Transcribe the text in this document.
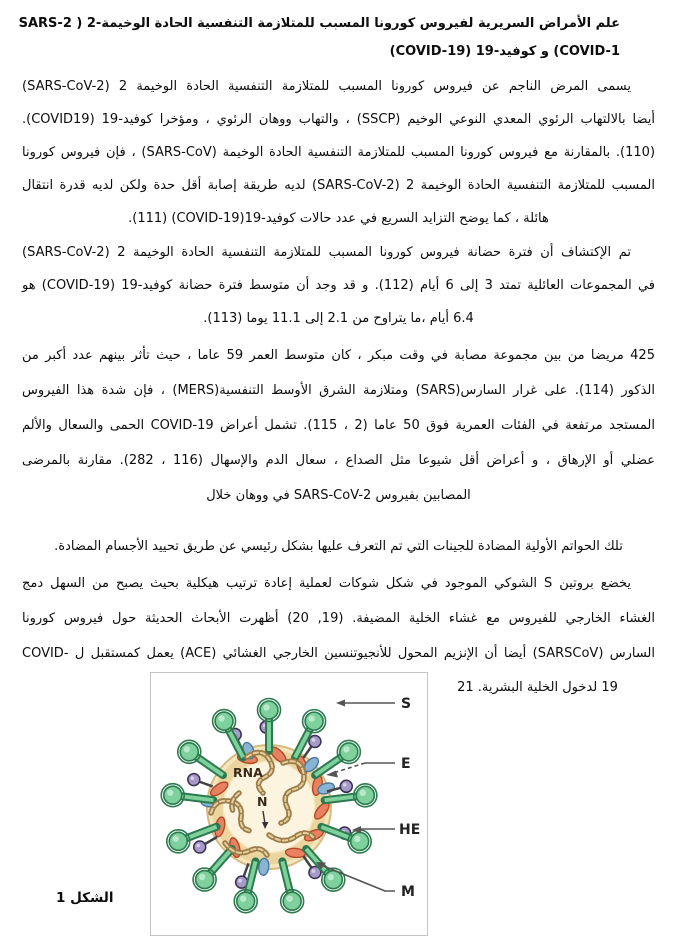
علم الأمراض السريرية لفيروس كورونا المسبب للمتلازمة التنفسية الحادة الوخيمة-2 ( SARS-2
COVID-1) و كوفيد-19 (COVID-19)
يسمى المرض الناجم عن فيروس كورونا المسبب للمتلازمة التنفسية الحادة الوخيمة 2 (SARS-CoV-2)
أيضا بالالتهاب الرئوي المعدي النوعي الوخيم (SSCP) ، والتهاب ووهان الرئوي ، ومؤخرا كوفيد-19 (COVID19).
(110). بالمقارنة مع فيروس كورونا المسبب للمتلازمة التنفسية الحادة الوخيمة (SARS-CoV) ، فإن فيروس كورونا
المسبب للمتلازمة التنفسية الحادة الوخيمة 2 (SARS-CoV-2) لديه طريقة إصابة أقل حدة ولكن لديه قدرة انتقال
هائلة ، كما يوضح التزايد السريع في عدد حالات كوفيد-19(COVID-19) (111).
تم الإكتشاف أن فترة حضانة فيروس كورونا المسبب للمتلازمة التنفسية الحادة الوخيمة 2 (SARS-CoV-2)
في المجموعات العائلية تمتد 3 إلى 6 أيام (112). و قد وجد أن متوسط فترة حضانة كوفيد-19 (COVID-19) هو
6.4 أيام ،ما يتراوح من 2.1 إلى 11.1 يوما (113).
425 مريضا من بين مجموعة مصابة في وقت مبكر ، كان متوسط العمر 59 عاما ، حيث تأثر بينهم عدد أكبر من
الذكور (114). على غرار السارس(SARS) ومتلازمة الشرق الأوسط التنفسية(MERS) ، فإن شدة هذا الفيروس
المستجد مرتفعة في الفئات العمرية فوق 50 عاما (2 ، 115). تشمل أعراض COVID-19 الحمى والسعال والألم
عضلي أو الإرهاق ، و أعراض أقل شيوعا مثل الصداع ، سعال الدم والإسهال (116 ، 282). مقارنة بالمرضى
المصابين بفيروس SARS-CoV-2 في ووهان خلال
تلك الحواتم الأولية المضادة للجينات التي تم التعرف عليها بشكل رئيسي عن طريق تحييد الأجسام المضادة.
يخضع بروتين S الشوكي الموجود في شكل شوكات لعملية إعادة ترتيب هيكلية بحيث يصبح من السهل دمج
الغشاء الخارجي للفيروس مع غشاء الخلية المضيفة. (19, 20) أظهرت الأبحاث الحديثة حول فيروس كورونا
السارس (SARSCoV) أيضا أن الإنزيم المحول للأنجيوتنسين الخارجي الغشائي (ACE) يعمل كمستقبل ل -COVID
19 لدخول الخلية البشرية. 21
S
E
HE
M
RNA
N
الشكل 1
